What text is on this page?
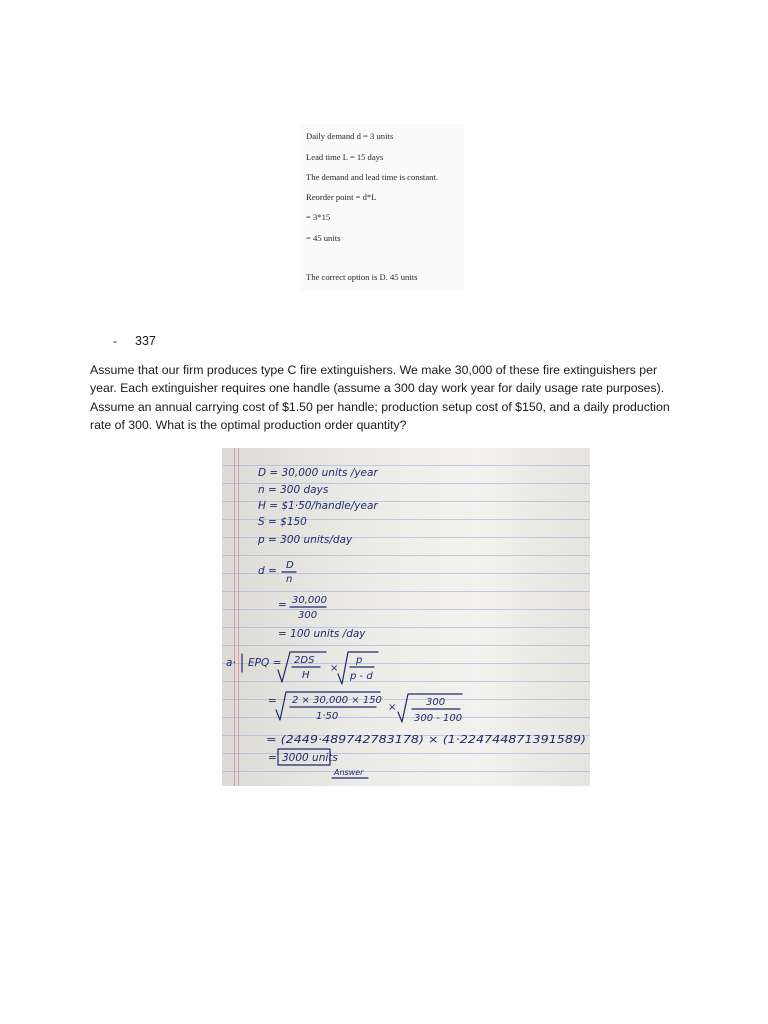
Daily demand d = 3 units
Lead time L = 15 days
The demand and lead time is constant.
Reorder point = d*L
= 3*15
= 45 units
The correct option is D. 45 units
- 337
Assume that our firm produces type C fire extinguishers. We make 30,000 of these fire extinguishers per
year. Each extinguisher requires one handle (assume a 300 day work year for daily usage rate purposes).
Assume an annual carrying cost of $1.50 per handle; production setup cost of $150, and a daily production
rate of 300. What is the optimal production order quantity?
D = 30,000 units /year
n = 300 days
H = $1·50/handle/year
S = $150
p = 300 units/day
d = D
n
= 30,000
300
= 100 units /day
a· EPQ = 2DS
H
×
p
p - d
= 2 × 30,000 × 150
1·50
×	300
300 - 100
= (2449·489742783178) × (1·224744871391589)
= 3000 units
Answer
